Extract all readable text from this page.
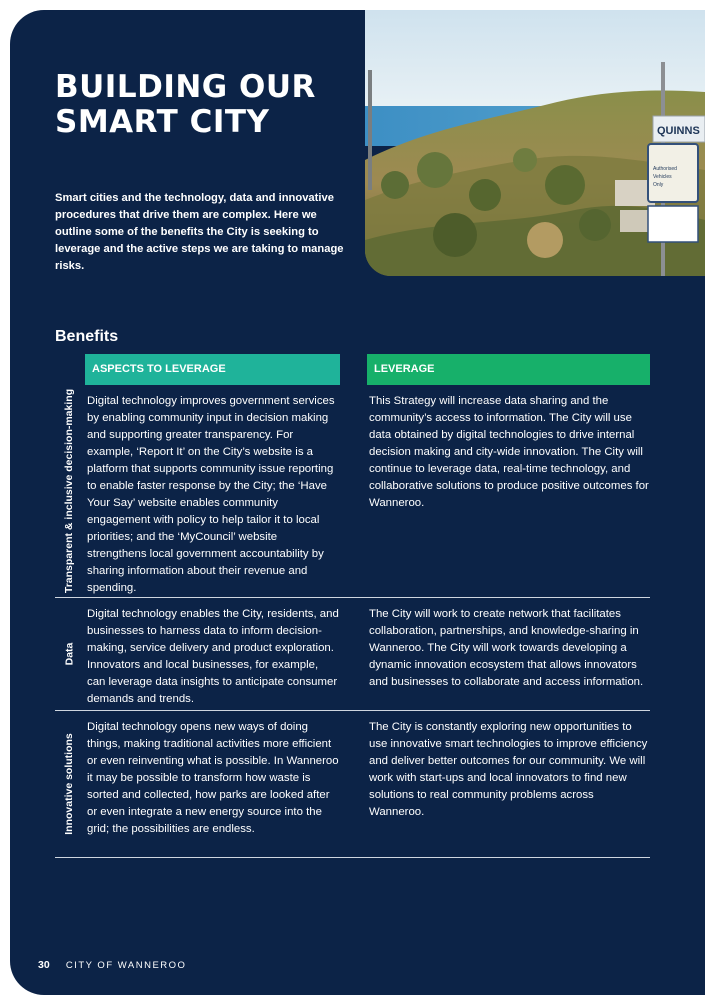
QUINNS
Authorised
Vehicles
Only
BUILDING OUR
SMART CITY

Smart cities and the technology, data and innovative procedures that drive them are complex. Here we outline some of the benefits the City is seeking to leverage and the active steps we are taking to manage risks.

Benefits
ASPECTS TO LEVERAGE	LEVERAGE
Transparent & inclusive decision-making Digital technology improves government services by enabling community input in decision making and supporting greater transparency. For example, ‘Report It’ on the City’s website is a platform that supports community issue reporting to enable faster response by the City; the ‘Have Your Say’ website enables community engagement with policy to help tailor it to local priorities; and the ‘MyCouncil’ website strengthens local government accountability by sharing information about their revenue and spending.

This Strategy will increase data sharing and the community’s access to information. The City will use data obtained by digital technologies to drive internal decision making and city-wide innovation. The City will continue to leverage data, real-time technology, and collaborative solutions to produce positive outcomes for Wanneroo.

Data

Digital technology enables the City, residents, and businesses to harness data to inform decision-making, service delivery and product exploration. Innovators and local businesses, for example, can leverage data insights to anticipate consumer demands and trends.

The City will work to create network that facilitates collaboration, partnerships, and knowledge-sharing in Wanneroo. The City will work towards developing a dynamic innovation ecosystem that allows innovators and businesses to collaborate and access information.

Innovative solutions

Digital technology opens new ways of doing things, making traditional activities more efficient or even reinventing what is possible. In Wanneroo it may be possible to transform how waste is sorted and collected, how parks are looked after or even integrate a new energy source into the grid; the possibilities are endless.

The City is constantly exploring new opportunities to use innovative smart technologies to improve efficiency and deliver better outcomes for our community. We will work with start-ups and local innovators to find new solutions to real community problems across Wanneroo.

30 CITY OF WANNEROO
